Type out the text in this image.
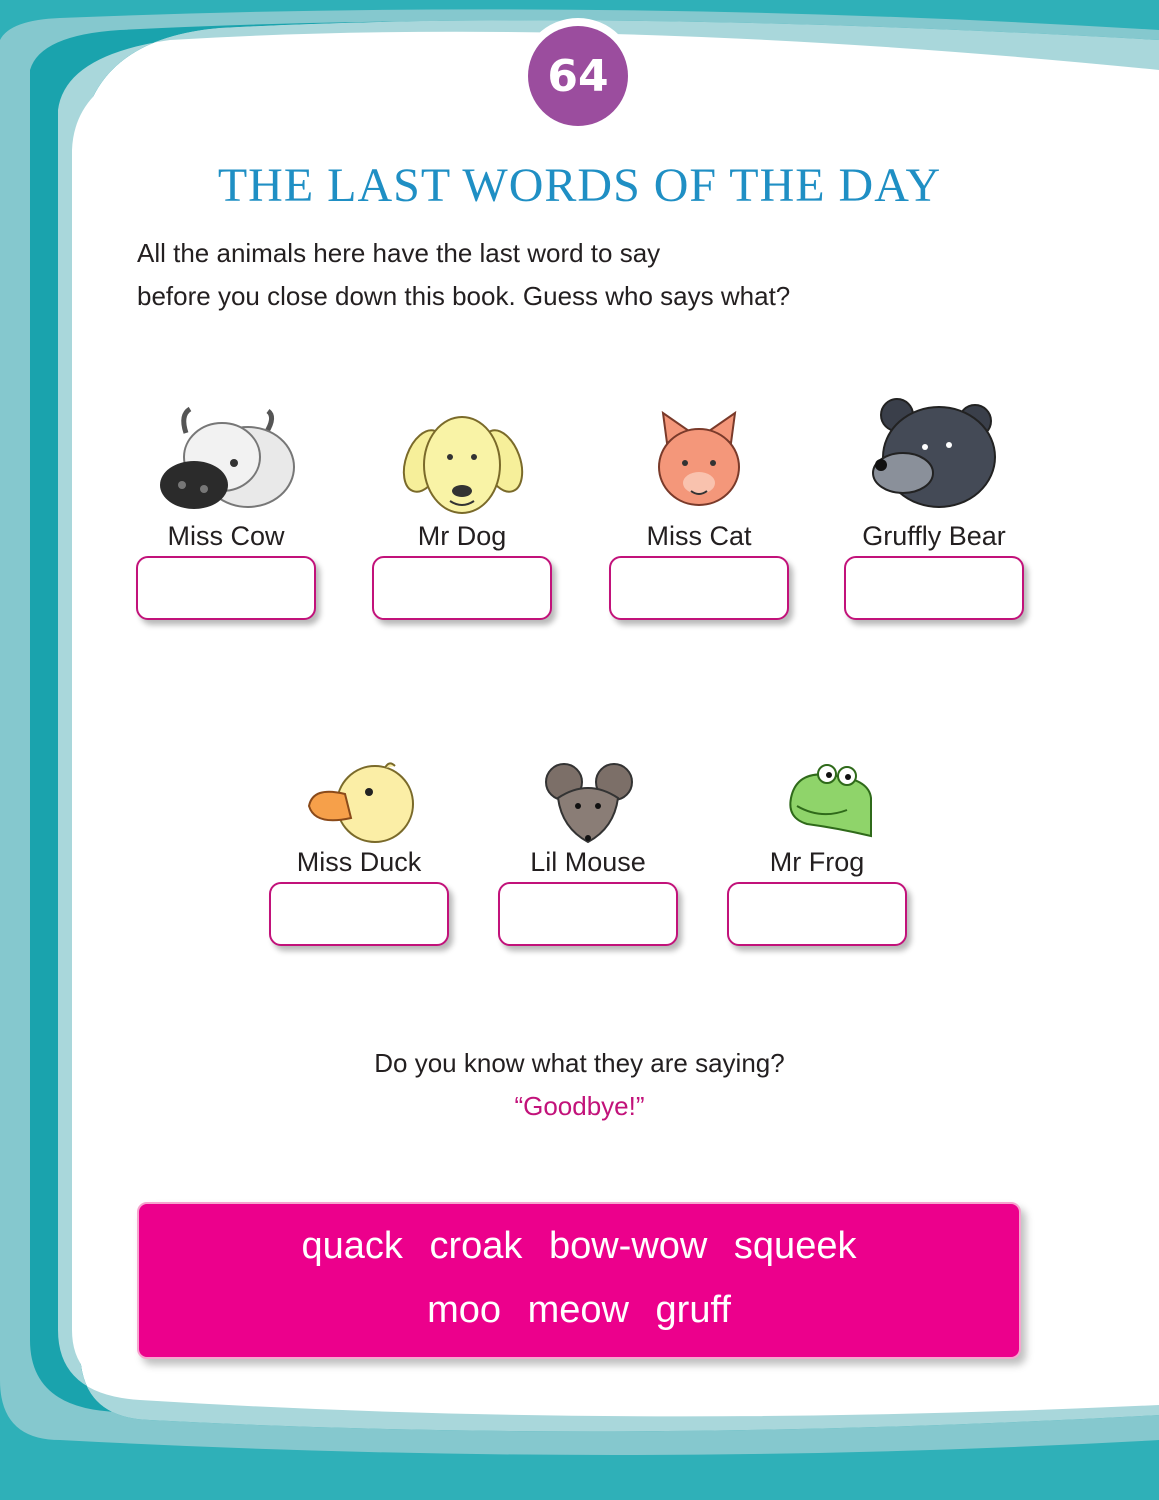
64
THE LAST WORDS OF THE DAY
All the animals here have the last word to say
before you close down this book. Guess who says what?
Miss Cow	Mr Dog	Miss Cat	Gruffly Bear
Miss Duck	Lil Mouse	Mr Frog
Do you know what they are saying?
“Goodbye!”
quack croak bow-wow squeek
moo meow gruff
